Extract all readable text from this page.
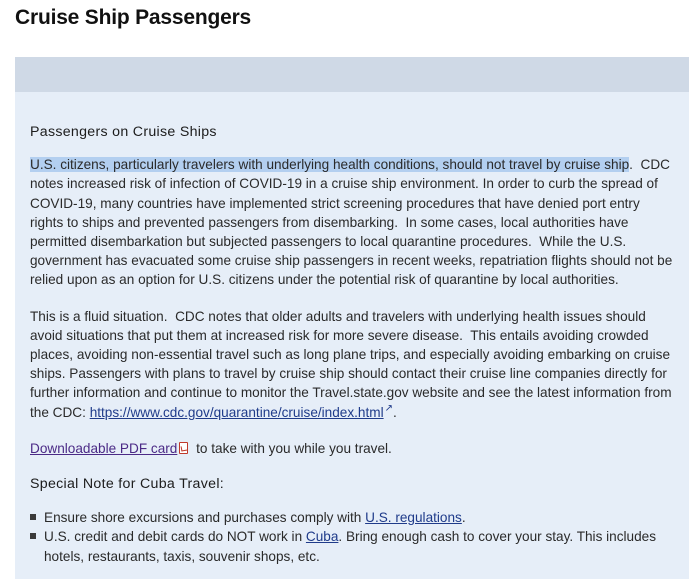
Cruise Ship Passengers
Passengers on Cruise Ships

U.S. citizens, particularly travelers with underlying health conditions, should not travel by cruise ship.  CDC notes increased risk of infection of COVID-19 in a cruise ship environment. In order to curb the spread of COVID-19, many countries have implemented strict screening procedures that have denied port entry rights to ships and prevented passengers from disembarking.  In some cases, local authorities have permitted disembarkation but subjected passengers to local quarantine procedures.  While the U.S. government has evacuated some cruise ship passengers in recent weeks, repatriation flights should not be relied upon as an option for U.S. citizens under the potential risk of quarantine by local authorities.

This is a fluid situation.  CDC notes that older adults and travelers with underlying health issues should avoid situations that put them at increased risk for more severe disease.  This entails avoiding crowded places, avoiding non-essential travel such as long plane trips, and especially avoiding embarking on cruise ships. Passengers with plans to travel by cruise ship should contact their cruise line companies directly for further information and continue to monitor the Travel.state.gov website and see the latest information from the CDC: https://www.cdc.gov/quarantine/cruise/index.html↗.

Downloadable PDF card to take with you while you travel.

Special Note for Cuba Travel:
Ensure shore excursions and purchases comply with U.S. regulations.
U.S. credit and debit cards do NOT work in Cuba. Bring enough cash to cover your stay. This includes hotels, restaurants, taxis, souvenir shops, etc.
